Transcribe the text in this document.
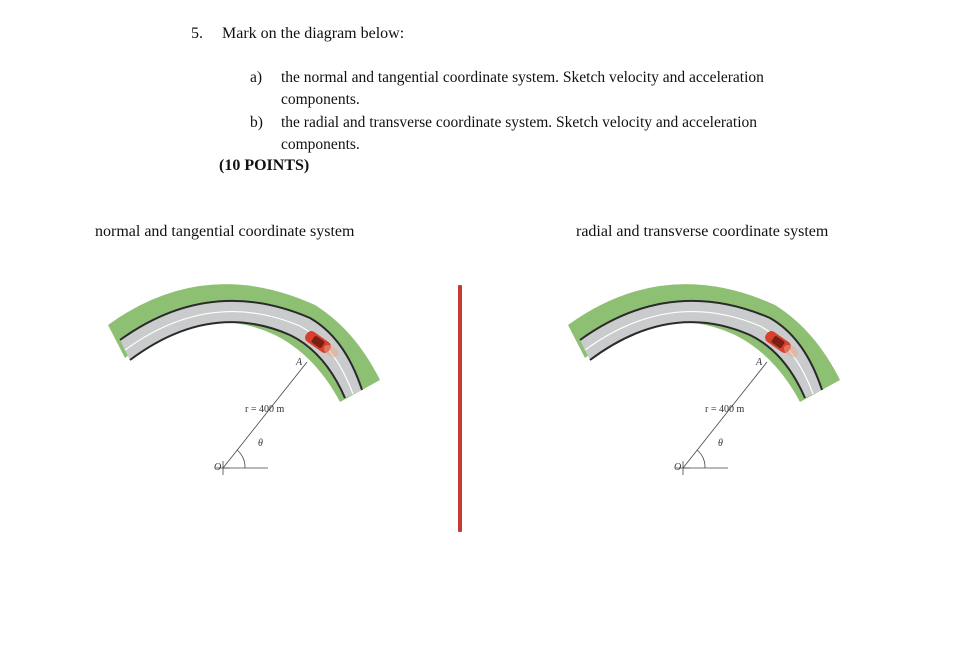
5. Mark on the diagram below:
a) the normal and tangential coordinate system. Sketch velocity and acceleration components.
b) the radial and transverse coordinate system. Sketch velocity and acceleration components.
(10 POINTS)
normal and tangential coordinate system	radial and transverse coordinate system
A
r = 400 m
θ
O
A
r = 400 m
θ
O
